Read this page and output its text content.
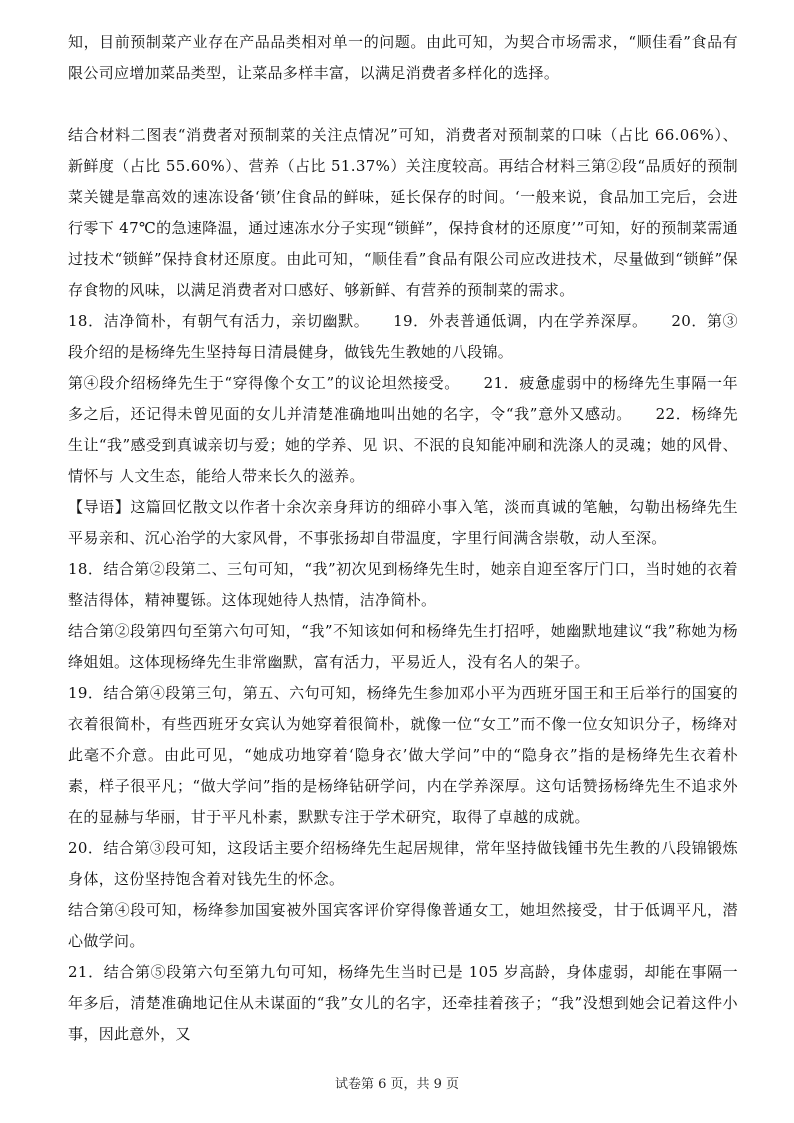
知，目前预制菜产业存在产品品类相对单一的问题。由此可知，为契合市场需求，“顺佳看”食品有限公司应增加菜品类型，让菜品多样丰富，以满足消费者多样化的选择。

结合材料二图表“消费者对预制菜的关注点情况”可知，消费者对预制菜的口味（占比 66.06%）、新鲜度（占比 55.60%）、营养（占比 51.37%）关注度较高。再结合材料三第②段“品质好的预制菜关键是靠高效的速冻设备‘锁’住食品的鲜味，延长保存的时间。‘一般来说，食品加工完后，会进行零下 47℃的急速降温，通过速冻水分子实现“锁鲜”，保持食材的还原度’”可知，好的预制菜需通过技术“锁鲜”保持食材还原度。由此可知，“顺佳看”食品有限公司应改进技术，尽量做到“锁鲜”保存食物的风味，以满足消费者对口感好、够新鲜、有营养的预制菜的需求。

18．洁净简朴，有朝气有活力，亲切幽默。　　19．外表普通低调，内在学养深厚。　　20．第③段介绍的是杨绛先生坚持每日清晨健身，做钱先生教她的八段锦。

第④段介绍杨绛先生于“穿得像个女工”的议论坦然接受。　　21．疲惫虚弱中的杨绛先生事隔一年多之后，还记得未曾见面的女儿并清楚准确地叫出她的名字，令“我”意外又感动。　　22．杨绛先生让“我”感受到真诚亲切与爱；她的学养、见 识、不泯的良知能冲刷和洗涤人的灵魂；她的风骨、情怀与 人文生态，能给人带来长久的滋养。

【导语】这篇回忆散文以作者十余次亲身拜访的细碎小事入笔，淡而真诚的笔触，勾勒出杨绛先生平易亲和、沉心治学的大家风骨，不事张扬却自带温度，字里行间满含崇敬，动人至深。

18．结合第②段第二、三句可知，“我”初次见到杨绛先生时，她亲自迎至客厅门口，当时她的衣着整洁得体，精神矍铄。这体现她待人热情，洁净简朴。

结合第②段第四句至第六句可知，“我”不知该如何和杨绛先生打招呼，她幽默地建议“我”称她为杨绛姐姐。这体现杨绛先生非常幽默，富有活力，平易近人，没有名人的架子。

19．结合第④段第三句，第五、六句可知，杨绛先生参加邓小平为西班牙国王和王后举行的国宴的衣着很简朴，有些西班牙女宾认为她穿着很简朴，就像一位“女工”而不像一位女知识分子，杨绛对此毫不介意。由此可见，“她成功地穿着‘隐身衣’做大学问”中的“隐身衣”指的是杨绛先生衣着朴素，样子很平凡；“做大学问”指的是杨绛钻研学问，内在学养深厚。这句话赞扬杨绛先生不追求外在的显赫与华丽，甘于平凡朴素，默默专注于学术研究，取得了卓越的成就。

20．结合第③段可知，这段话主要介绍杨绛先生起居规律，常年坚持做钱锺书先生教的八段锦锻炼身体，这份坚持饱含着对钱先生的怀念。

结合第④段可知，杨绛参加国宴被外国宾客评价穿得像普通女工，她坦然接受，甘于低调平凡，潜心做学问。

21．结合第⑤段第六句至第九句可知，杨绛先生当时已是 105 岁高龄，身体虚弱，却能在事隔一年多后，清楚准确地记住从未谋面的“我”女儿的名字，还牵挂着孩子；“我”没想到她会记着这件小事，因此意外，又

试卷第 6 页，共 9 页
